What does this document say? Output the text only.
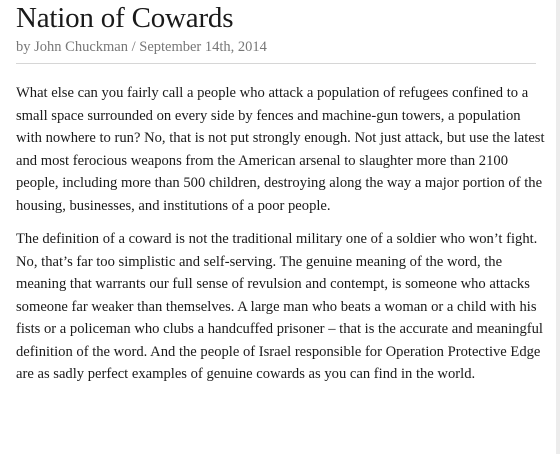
Nation of Cowards
by John Chuckman / September 14th, 2014

What else can you fairly call a people who attack a population of refugees confined to a small space surrounded on every side by fences and machine-gun towers, a population with nowhere to run? No, that is not put strongly enough. Not just attack, but use the latest and most ferocious weapons from the American arsenal to slaughter more than 2100 people, including more than 500 children, destroying along the way a major portion of the housing, businesses, and institutions of a poor people.

The definition of a coward is not the traditional military one of a soldier who won’t fight. No, that’s far too simplistic and self-serving. The genuine meaning of the word, the meaning that warrants our full sense of revulsion and contempt, is someone who attacks someone far weaker than themselves. A large man who beats a woman or a child with his fists or a policeman who clubs a handcuffed prisoner – that is the accurate and meaningful definition of the word. And the people of Israel responsible for Operation Protective Edge are as sadly perfect examples of genuine cowards as you can find in the world.
